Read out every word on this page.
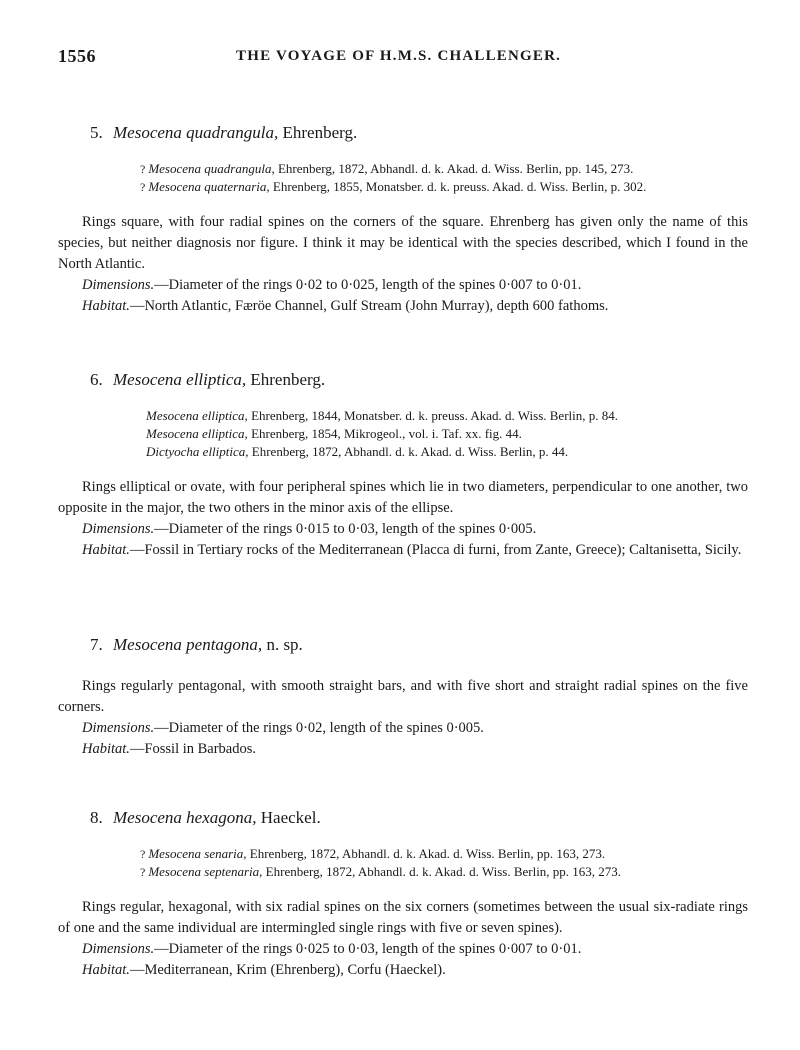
1556	THE VOYAGE OF H.M.S. CHALLENGER.
5. Mesocena quadrangula, Ehrenberg.
? Mesocena quadrangula, Ehrenberg, 1872, Abhandl. d. k. Akad. d. Wiss. Berlin, pp. 145, 273.
? Mesocena quaternaria, Ehrenberg, 1855, Monatsber. d. k. preuss. Akad. d. Wiss. Berlin, p. 302.

Rings square, with four radial spines on the corners of the square. Ehrenberg has given only the name of this species, but neither diagnosis nor figure. I think it may be identical with the species described, which I found in the North Atlantic.

Dimensions.—Diameter of the rings 0·02 to 0·025, length of the spines 0·007 to 0·01.

Habitat.—North Atlantic, Færöe Channel, Gulf Stream (John Murray), depth 600 fathoms.

6. Mesocena elliptica, Ehrenberg.
Mesocena elliptica, Ehrenberg, 1844, Monatsber. d. k. preuss. Akad. d. Wiss. Berlin, p. 84.
Mesocena elliptica, Ehrenberg, 1854, Mikrogeol., vol. i. Taf. xx. fig. 44.
Dictyocha elliptica, Ehrenberg, 1872, Abhandl. d. k. Akad. d. Wiss. Berlin, p. 44.

Rings elliptical or ovate, with four peripheral spines which lie in two diameters, perpendicular to one another, two opposite in the major, the two others in the minor axis of the ellipse.

Dimensions.—Diameter of the rings 0·015 to 0·03, length of the spines 0·005.

Habitat.—Fossil in Tertiary rocks of the Mediterranean (Placca di furni, from Zante, Greece); Caltanisetta, Sicily.

7. Mesocena pentagona, n. sp.

Rings regularly pentagonal, with smooth straight bars, and with five short and straight radial spines on the five corners.

Dimensions.—Diameter of the rings 0·02, length of the spines 0·005.

Habitat.—Fossil in Barbados.

8. Mesocena hexagona, Haeckel.
? Mesocena senaria, Ehrenberg, 1872, Abhandl. d. k. Akad. d. Wiss. Berlin, pp. 163, 273.
? Mesocena septenaria, Ehrenberg, 1872, Abhandl. d. k. Akad. d. Wiss. Berlin, pp. 163, 273.

Rings regular, hexagonal, with six radial spines on the six corners (sometimes between the usual six-radiate rings of one and the same individual are intermingled single rings with five or seven spines).

Dimensions.—Diameter of the rings 0·025 to 0·03, length of the spines 0·007 to 0·01.

Habitat.—Mediterranean, Krim (Ehrenberg), Corfu (Haeckel).
